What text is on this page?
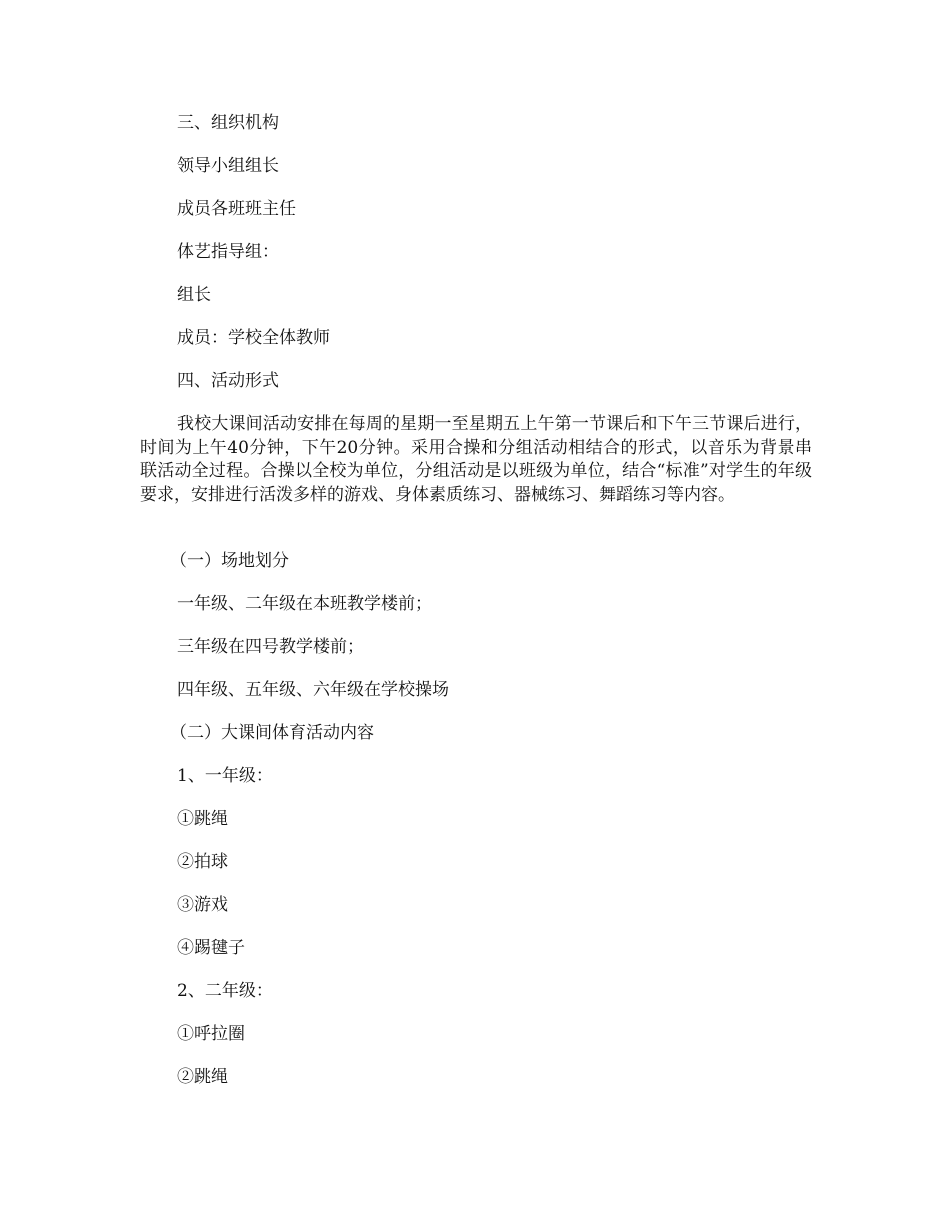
三、组织机构
领导小组组长
成员各班班主任
体艺指导组：
组长
成员：学校全体教师
四、活动形式
我校大课间活动安排在每周的星期一至星期五上午第一节课后和下午三节课后进行，时间为上午40分钟，下午20分钟。采用合操和分组活动相结合的形式，以音乐为背景串联活动全过程。合操以全校为单位，分组活动是以班级为单位，结合“标准”对学生的年级要求，安排进行活泼多样的游戏、身体素质练习、器械练习、舞蹈练习等内容。
（一）场地划分
一年级、二年级在本班教学楼前；
三年级在四号教学楼前；
四年级、五年级、六年级在学校操场
（二）大课间体育活动内容
1、一年级：
①跳绳
②拍球
③游戏
④踢毽子
2、二年级：
①呼拉圈
②跳绳
